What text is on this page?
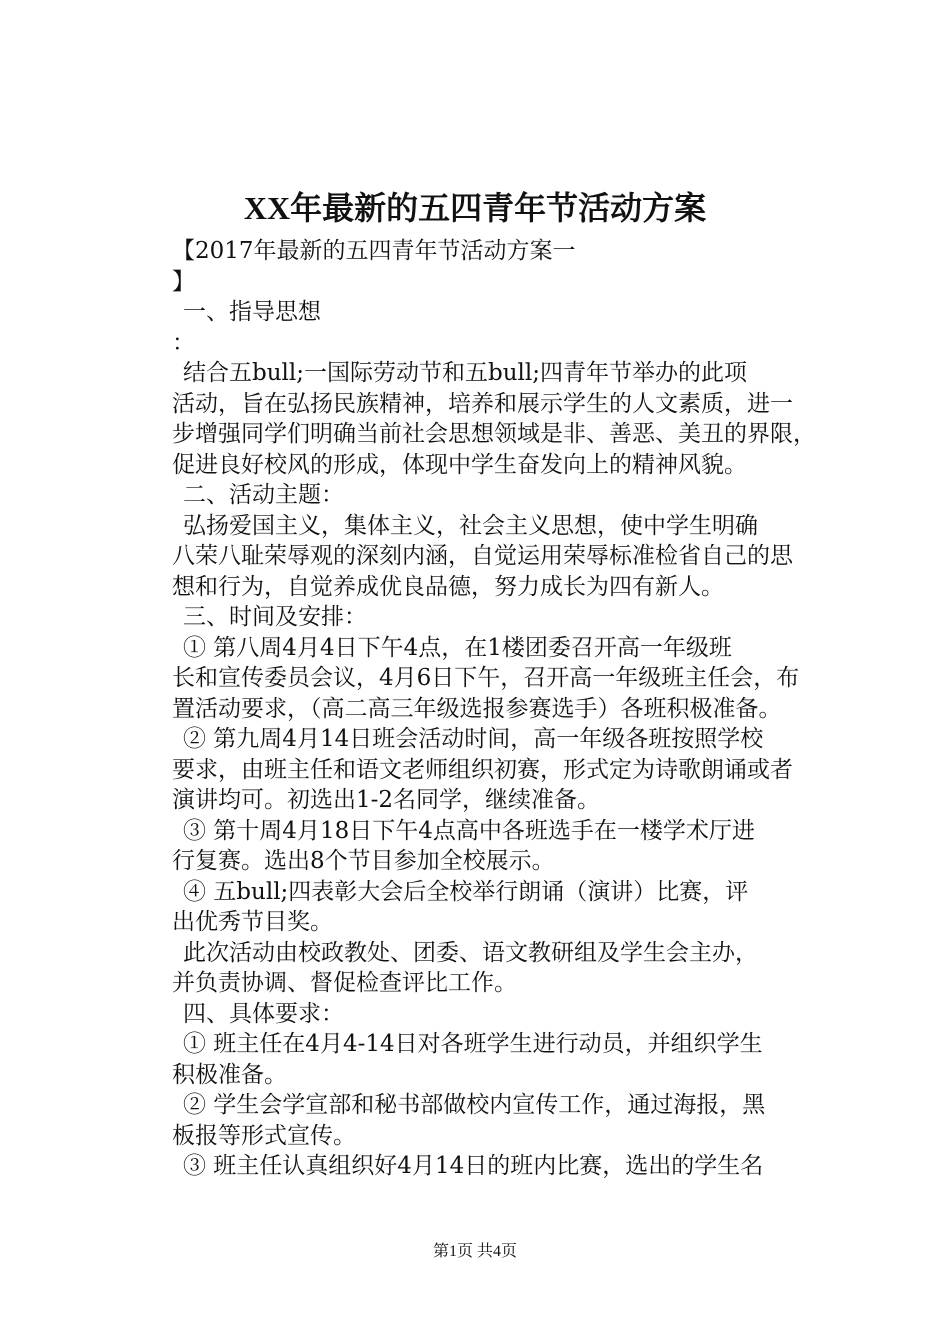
XX年最新的五四青年节活动方案
【2017年最新的五四青年节活动方案一
】
一、指导思想
：
结合五bull;一国际劳动节和五bull;四青年节举办的此项
活动，旨在弘扬民族精神，培养和展示学生的人文素质，进一
步增强同学们明确当前社会思想领域是非、善恶、美丑的界限，
促进良好校风的形成，体现中学生奋发向上的精神风貌。
二、活动主题：
弘扬爱国主义，集体主义，社会主义思想，使中学生明确
八荣八耻荣辱观的深刻内涵，自觉运用荣辱标准检省自己的思
想和行为，自觉养成优良品德，努力成长为四有新人。
三、时间及安排：
① 第八周4月4日下午4点，在1楼团委召开高一年级班
长和宣传委员会议，4月6日下午，召开高一年级班主任会，布
置活动要求，（高二高三年级选报参赛选手）各班积极准备。
② 第九周4月14日班会活动时间，高一年级各班按照学校
要求，由班主任和语文老师组织初赛，形式定为诗歌朗诵或者
演讲均可。初选出1-2名同学，继续准备。
③ 第十周4月18日下午4点高中各班选手在一楼学术厅进
行复赛。选出8个节目参加全校展示。
④ 五bull;四表彰大会后全校举行朗诵（演讲）比赛，评
出优秀节目奖。
此次活动由校政教处、团委、语文教研组及学生会主办，
并负责协调、督促检查评比工作。
四、具体要求：
① 班主任在4月4-14日对各班学生进行动员，并组织学生
积极准备。
② 学生会学宣部和秘书部做校内宣传工作，通过海报，黑
板报等形式宣传。
③ 班主任认真组织好4月14日的班内比赛，选出的学生名
第1页 共4页
